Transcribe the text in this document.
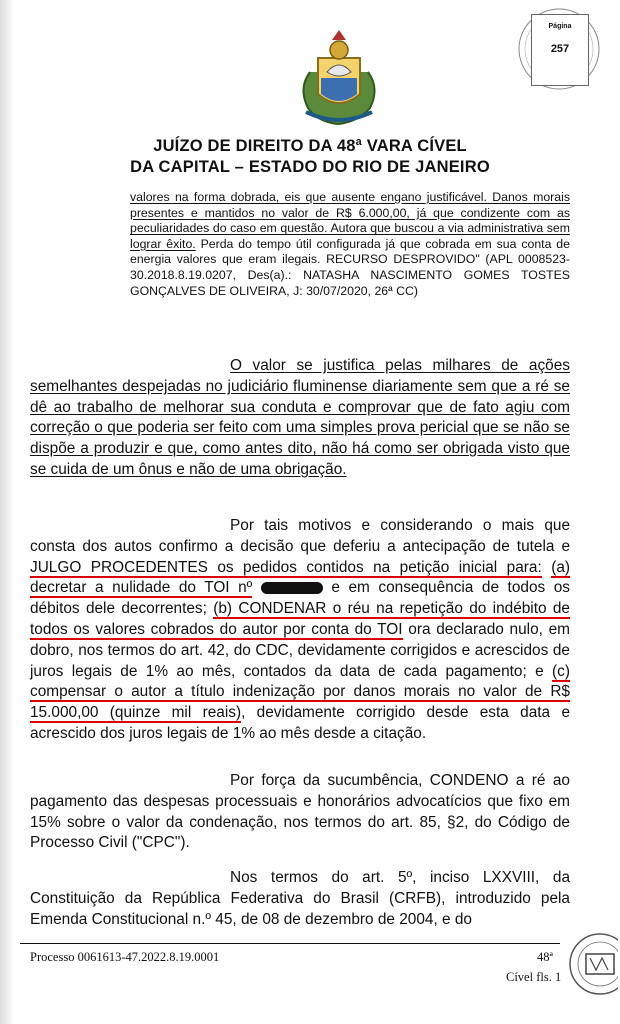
Página
257
JUÍZO DE DIREITO DA 48ª VARA CÍVEL
DA CAPITAL – ESTADO DO RIO DE JANEIRO
valores na forma dobrada, eis que ausente engano justificável. Danos morais presentes e mantidos no valor de R$ 6.000,00, já que condizente com as peculiaridades do caso em questão. Autora que buscou a via administrativa sem lograr êxito. Perda do tempo útil configurada já que cobrada em sua conta de energia valores que eram ilegais. RECURSO DESPROVIDO" (APL 0008523-30.2018.8.19.0207, Des(a).: NATASHA NASCIMENTO GOMES TOSTES GONÇALVES DE OLIVEIRA, J: 30/07/2020, 26ª CC)
O valor se justifica pelas milhares de ações semelhantes despejadas no judiciário fluminense diariamente sem que a ré se dê ao trabalho de melhorar sua conduta e comprovar que de fato agiu com correção o que poderia ser feito com uma simples prova pericial que se não se dispõe a produzir e que, como antes dito, não há como ser obrigada visto que se cuida de um ônus e não de uma obrigação.
Por tais motivos e considerando o mais que consta dos autos confirmo a decisão que deferiu a antecipação de tutela e JULGO PROCEDENTES os pedidos contidos na petição inicial para: (a) decretar a nulidade do TOI nº	e em consequência de todos os débitos dele decorrentes; (b) CONDENAR o réu na repetição do indébito de todos os valores cobrados do autor por conta do TOI ora declarado nulo, em dobro, nos termos do art. 42, do CDC, devidamente corrigidos e acrescidos de juros legais de 1% ao mês, contados da data de cada pagamento; e (c) compensar o autor a título indenização por danos morais no valor de R$ 15.000,00 (quinze mil reais), devidamente corrigido desde esta data e acrescido dos juros legais de 1% ao mês desde a citação.
Por força da sucumbência, CONDENO a ré ao pagamento das despesas processuais e honorários advocatícios que fixo em 15% sobre o valor da condenação, nos termos do art. 85, §2, do Código de Processo Civil ("CPC").
Nos termos do art. 5º, inciso LXXVIII, da Constituição da República Federativa do Brasil (CRFB), introduzido pela Emenda Constitucional n.º 45, de 08 de dezembro de 2004, e do
Processo 0061613-47.2022.8.19.0001	48ª
Cível fls. 1
